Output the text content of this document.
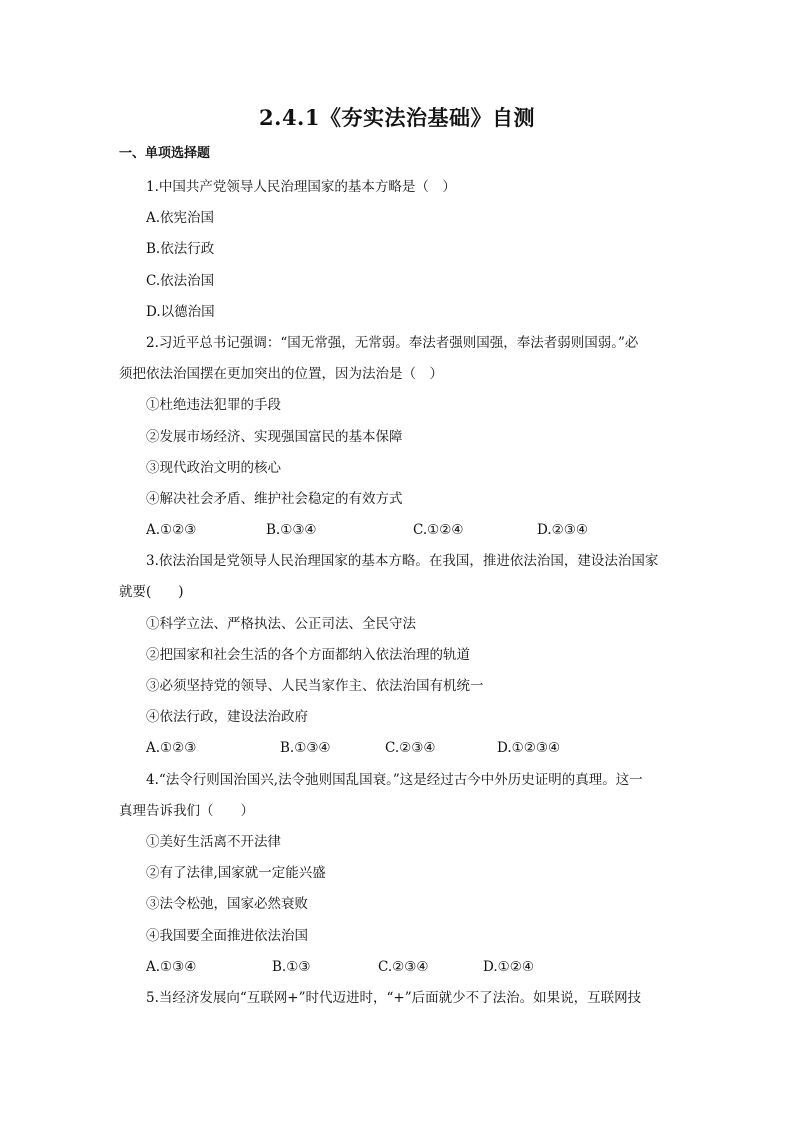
2.4.1《夯实法治基础》自测
一、单项选择题
1.中国共产党领导人民治理国家的基本方略是（　）
A.依宪治国
B.依法行政
C.依法治国
D.以德治国
2.习近平总书记强调：“国无常强，无常弱。奉法者强则国强，奉法者弱则国弱。”必
须把依法治国摆在更加突出的位置，因为法治是（　）
①杜绝违法犯罪的手段
②发展市场经济、实现强国富民的基本保障
③现代政治文明的核心
④解决社会矛盾、维护社会稳定的有效方式
A.①②③	B.①③④	C.①②④	D.②③④
3.依法治国是党领导人民治理国家的基本方略。在我国，推进依法治国，建设法治国家
就要(　　)
①科学立法、严格执法、公正司法、全民守法
②把国家和社会生活的各个方面都纳入依法治理的轨道
③必须坚持党的领导、人民当家作主、依法治国有机统一
④依法行政，建设法治政府
A.①②③	B.①③④	C.②③④	D.①②③④
4.“法令行则国治国兴,法令弛则国乱国衰。”这是经过古今中外历史证明的真理。这一
真理告诉我们（　　）
①美好生活离不开法律
②有了法律,国家就一定能兴盛
③法令松弛，国家必然衰败
④我国要全面推进依法治国
A.①③④	B.①③	C.②③④	D.①②④
5.当经济发展向“互联网+”时代迈进时，“+”后面就少不了法治。如果说，互联网技
